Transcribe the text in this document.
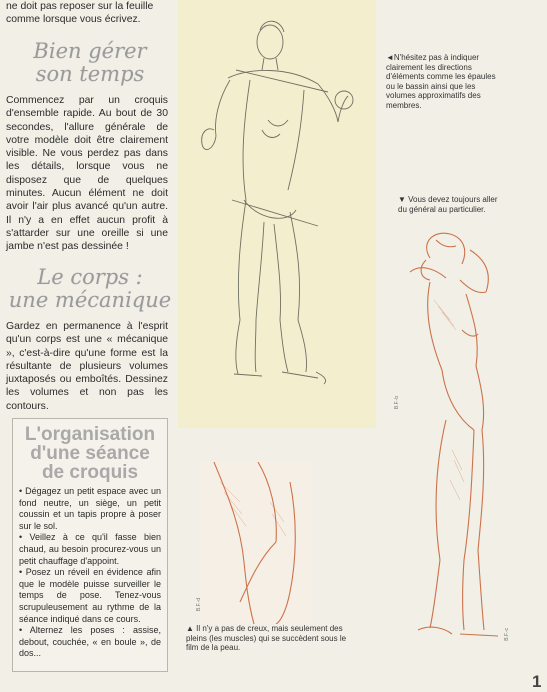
ne doit pas reposer sur la feuille comme lorsque vous écrivez.

Bien gérer
son temps

Commencez par un croquis d'ensemble rapide. Au bout de 30 secondes, l'allure générale de votre modèle doit être clairement visible. Ne vous perdez pas dans les détails, lorsque vous ne disposez que de quelques minutes. Aucun élément ne doit avoir l'air plus avancé qu'un autre. Il n'y a en effet aucun profit à s'attarder sur une oreille si une jambe n'est pas dessinée !

Le corps :
une mécanique

Gardez en permanence à l'esprit qu'un corps est une « mécanique », c'est-à-dire qu'une forme est la résultante de plusieurs volumes juxtaposés ou emboîtés. Dessinez les volumes et non pas les contours.

L'organisation
d'une séance
de croquis

• Dégagez un petit espace avec un fond neutre, un siège, un petit coussin et un tapis propre à poser sur le sol.

• Veillez à ce qu'il fasse bien chaud, au besoin procurez-vous un petit chauffage d'appoint.

• Posez un réveil en évidence afin que le modèle puisse surveiller le temps de pose. Tenez-vous scrupuleusement au rythme de la séance indiqué dans ce cours.

• Alternez les poses : assise, debout, couchée, « en boule », de dos...

◄N'hésitez pas à indiquer clairement les directions d'éléments comme les épaules ou le bassin ainsi que les volumes approximatifs des membres.

▼ Vous devez toujours aller du général au particulier.

▲ Il n'y a pas de creux, mais seulement des pleins (les muscles) qui se succèdent sous le film de la peau.

B.F.-b
B.F.-c
B.F.-d
1
